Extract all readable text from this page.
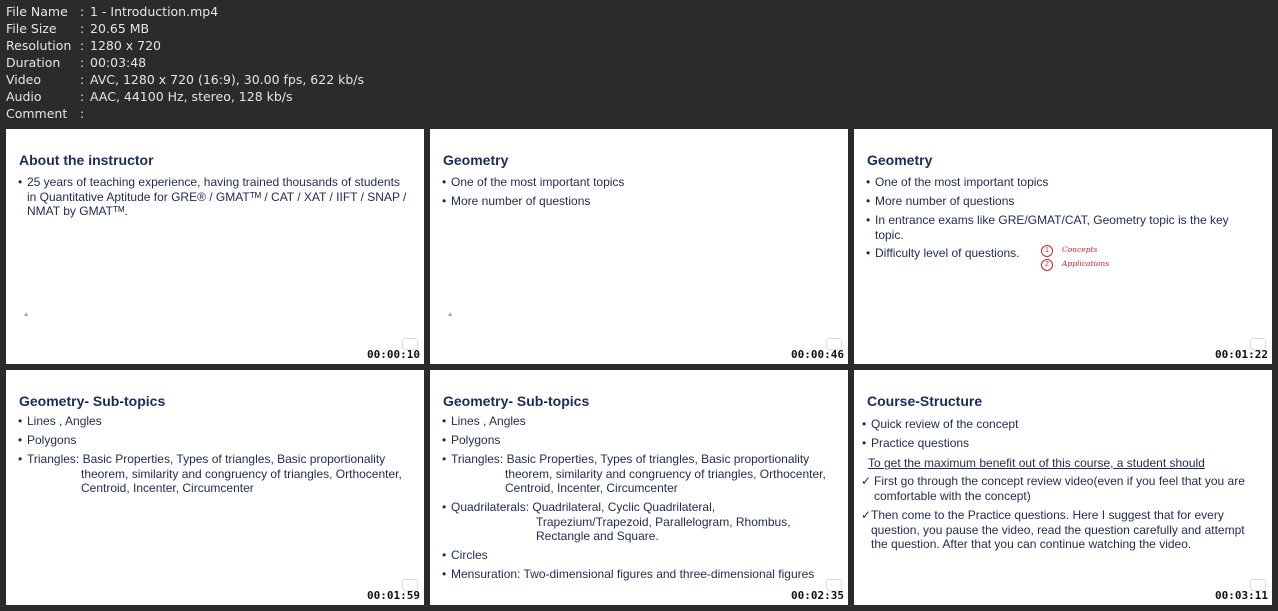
File Name : 1 - Introduction.mp4
File Size : 20.65 MB
Resolution : 1280 x 720
Duration : 00:03:48
Video	: AVC, 1280 x 720 (16:9), 30.00 fps, 622 kb/s
Audio	: AAC, 44100 Hz, stereo, 128 kb/s
Comment :
About the instructor
• 25 years of teaching experience, having trained thousands of students
in Quantitative Aptitude for GRE® / GMATᵀᴹ / CAT / XAT / IIFT / SNAP /
NMAT by GMATᵀᴹ.
00:00:10
Geometry
• One of the most important topics
• More number of questions
00:00:46
Geometry
• One of the most important topics
• More number of questions
• In entrance exams like GRE/GMAT/CAT, Geometry topic is the key
topic.
• Difficulty level of questions.	1	Concepts
2	Applications
00:01:22
Geometry- Sub-topics
• Lines , Angles
• Polygons
• Triangles: Basic Properties, Types of triangles, Basic proportionality
theorem, similarity and congruency of triangles, Orthocenter,
Centroid, Incenter, Circumcenter
00:01:59
Geometry- Sub-topics
• Lines , Angles
• Polygons
• Triangles: Basic Properties, Types of triangles, Basic proportionality
theorem, similarity and congruency of triangles, Orthocenter,
Centroid, Incenter, Circumcenter
• Quadrilaterals: Quadrilateral, Cyclic Quadrilateral,
Trapezium/Trapezoid, Parallelogram, Rhombus,
Rectangle and Square.
• Circles
• Mensuration: Two-dimensional figures and three-dimensional figures
00:02:35
Course-Structure
• Quick review of the concept
• Practice questions
To get the maximum benefit out of this course, a student should
✓ First go through the concept review video(even if you feel that you are
comfortable with the concept)
✓ Then come to the Practice questions. Here I suggest that for every
question, you pause the video, read the question carefully and attempt
the question. After that you can continue watching the video.
00:03:11
